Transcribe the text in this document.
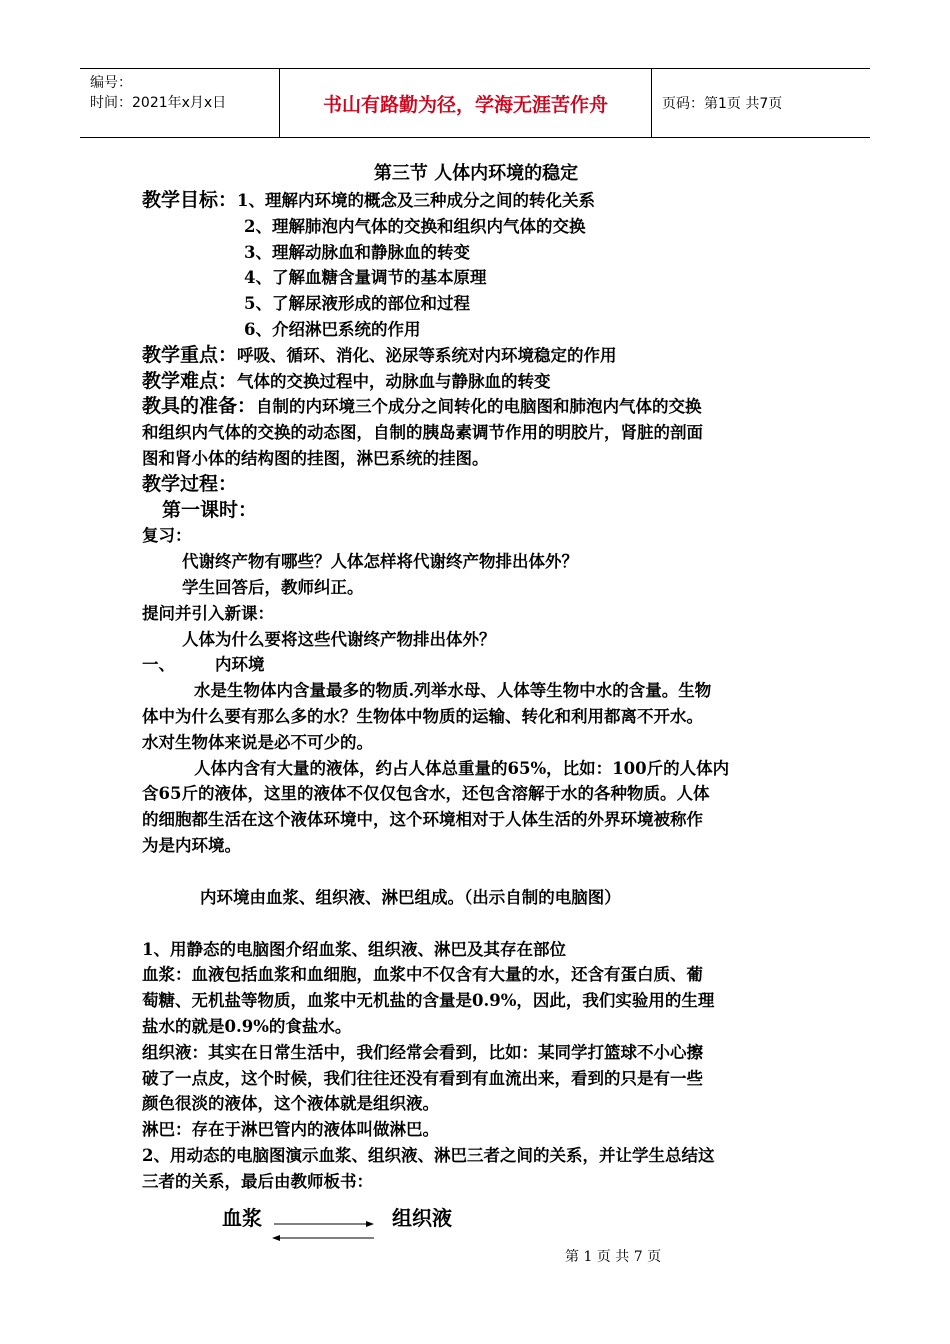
编号：
时间：2021年x月x日	书山有路勤为径，学海无涯苦作舟	页码：第1页 共7页
第三节 人体内环境的稳定
教学目标：1、理解内环境的概念及三种成分之间的转化关系
2、理解肺泡内气体的交换和组织内气体的交换
3、理解动脉血和静脉血的转变
4、了解血糖含量调节的基本原理
5、了解尿液形成的部位和过程
6、介绍淋巴系统的作用
教学重点：呼吸、循环、消化、泌尿等系统对内环境稳定的作用
教学难点：气体的交换过程中，动脉血与静脉血的转变
教具的准备：自制的内环境三个成分之间转化的电脑图和肺泡内气体的交换
和组织内气体的交换的动态图，自制的胰岛素调节作用的明胶片，肾脏的剖面
图和肾小体的结构图的挂图，淋巴系统的挂图。
教学过程：
第一课时：
复习：
代谢终产物有哪些？人体怎样将代谢终产物排出体外？
学生回答后，教师纠正。
提问并引入新课：
人体为什么要将这些代谢终产物排出体外？
一、 内环境
水是生物体内含量最多的物质.列举水母、人体等生物中水的含量。生物
体中为什么要有那么多的水？生物体中物质的运输、转化和利用都离不开水。
水对生物体来说是必不可少的。
人体内含有大量的液体，约占人体总重量的65%，比如：100斤的人体内
含65斤的液体，这里的液体不仅仅包含水，还包含溶解于水的各种物质。人体
的细胞都生活在这个液体环境中，这个环境相对于人体生活的外界环境被称作
为是内环境。
内环境由血浆、组织液、淋巴组成。（出示自制的电脑图）
1、用静态的电脑图介绍血浆、组织液、淋巴及其存在部位
血浆：血液包括血浆和血细胞，血浆中不仅含有大量的水，还含有蛋白质、葡
萄糖、无机盐等物质，血浆中无机盐的含量是0.9%，因此，我们实验用的生理
盐水的就是0.9%的食盐水。
组织液：其实在日常生活中，我们经常会看到，比如：某同学打篮球不小心擦
破了一点皮，这个时候，我们往往还没有看到有血流出来，看到的只是有一些
颜色很淡的液体，这个液体就是组织液。
淋巴：存在于淋巴管内的液体叫做淋巴。
2、用动态的电脑图演示血浆、组织液、淋巴三者之间的关系，并让学生总结这
三者的关系，最后由教师板书：
血浆	组织液
第 1 页 共 7 页
